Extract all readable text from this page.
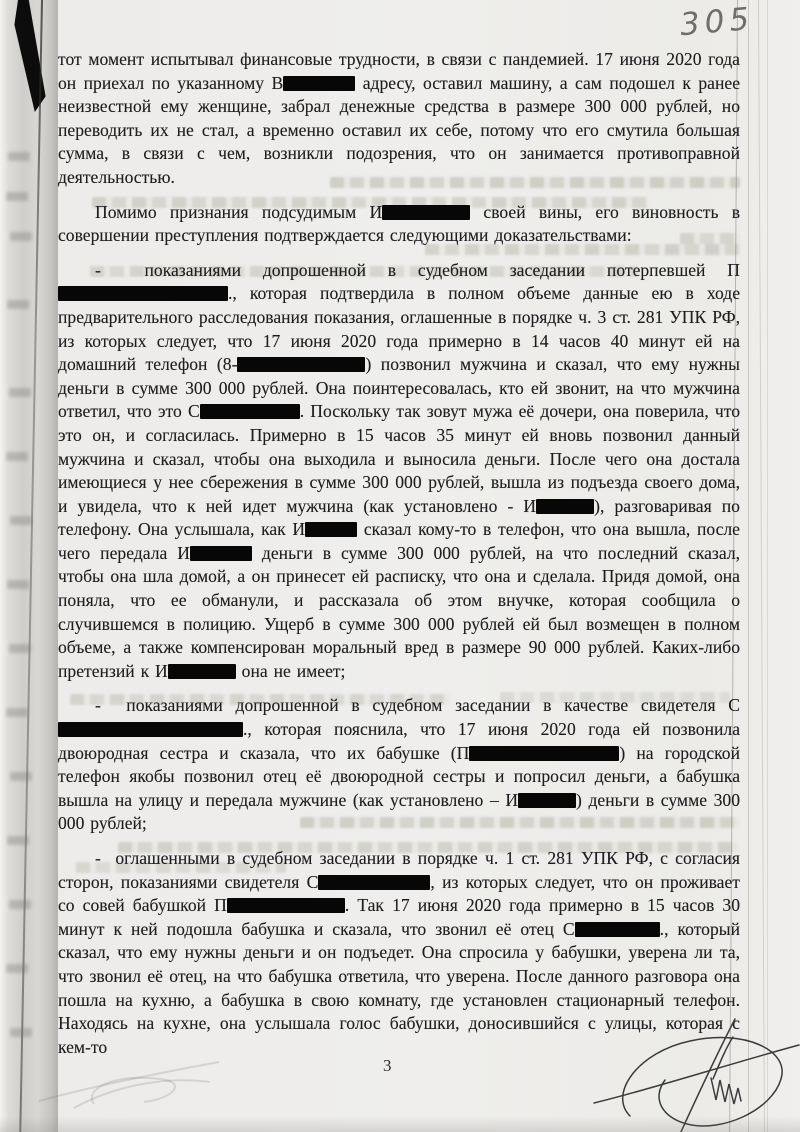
305

тот момент испытывал финансовые трудности, в связи с пандемией. 17 июня 2020 года он приехал по указанному В	адресу, оставил машину, а сам подошел к ранее неизвестной ему женщине, забрал денежные средства в размере 300 000 рублей, но переводить их не стал, а временно оставил их себе, потому что его смутила большая сумма, в связи с чем, возникли подозрения, что он занимается противоправной деятельностью.

Помимо признания подсудимым И	своей вины, его виновность в совершении преступления подтверждается следующими доказательствами:

-  показаниями допрошенной в судебном заседании потерпевшей П., которая подтвердила в полном объеме данные ею в ходе предварительного расследования показания, оглашенные в порядке ч. 3 ст. 281 УПК РФ, из которых следует, что 17 июня 2020 года примерно в 14 часов 40 минут ей на домашний телефон (8-	) позвонил мужчина и сказал, что ему нужны деньги в сумме 300 000 рублей. Она поинтересовалась, кто ей звонит, на что мужчина ответил, что это С	. Поскольку так зовут мужа её дочери, она поверила, что это он, и согласилась. Примерно в 15 часов 35 минут ей вновь позвонил данный мужчина и сказал, чтобы она выходила и выносила деньги. После чего она достала имеющиеся у нее сбережения в сумме 300 000 рублей, вышла из подъезда своего дома, и увидела, что к ней идет мужчина (как установлено - И	), разговаривая по телефону. Она услышала, как И	сказал кому-то в телефон, что она вышла, после чего передала И	деньги в сумме 300 000 рублей, на что последний сказал, чтобы она шла домой, а он принесет ей расписку, что она и сделала. Придя домой, она поняла, что ее обманули, и рассказала об этом внучке, которая сообщила о случившемся в полицию. Ущерб в сумме 300 000 рублей ей был возмещен в полном объеме, а также компенсирован моральный вред в размере 90 000 рублей. Каких-либо претензий к И	она не имеет;

-  показаниями допрошенной в судебном заседании в качестве свидетеля С., которая пояснила, что 17 июня 2020 года ей позвонила двоюродная сестра и сказала, что их бабушке (П	) на городской телефон якобы позвонил отец её двоюродной сестры и попросил деньги, а бабушка вышла на улицу и передала мужчине (как установлено – И	) деньги в сумме 300 000 рублей;

-  оглашенными в судебном заседании в порядке ч. 1 ст. 281 УПК РФ, с согласия сторон, показаниями свидетеля С	, из которых следует, что он проживает со совей бабушкой П	. Так 17 июня 2020 года примерно в 15 часов 30 минут к ней подошла бабушка и сказала, что звонил её отец С	., который сказал, что ему нужны деньги и он подъедет. Она спросила у бабушки, уверена ли та, что звонил её отец, на что бабушка ответила, что уверена. После данного разговора она пошла на кухню, а бабушка в свою комнату, где установлен стационарный телефон. Находясь на кухне, она услышала голос бабушки, доносившийся с улицы, которая с кем-то

3
